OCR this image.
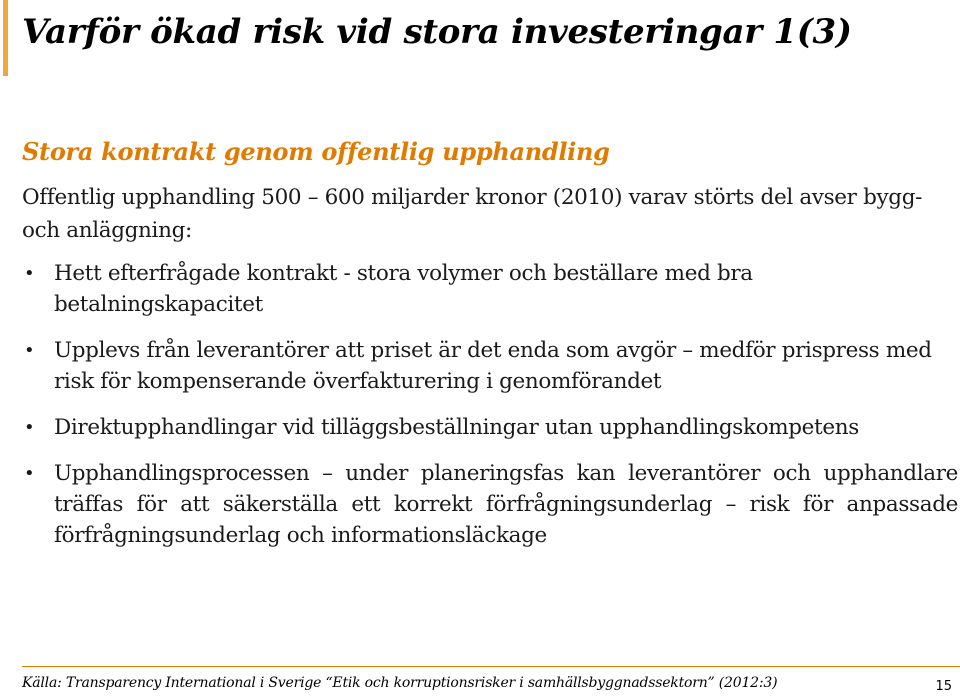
Varför ökad risk vid stora investeringar 1(3)
Stora kontrakt genom offentlig upphandling

Offentlig upphandling 500 – 600 miljarder kronor (2010) varav störts del avser bygg- och anläggning:

• Hett efterfrågade kontrakt - stora volymer och beställare med bra betalningskapacitet
• Upplevs från leverantörer att priset är det enda som avgör – medför prispress med risk för kompenserande överfakturering i genomförandet
• Direktupphandlingar vid tilläggsbeställningar utan upphandlingskompetens
• Upphandlingsprocessen – under planeringsfas kan leverantörer och upphandlare träffas för att säkerställa ett korrekt förfrågningsunderlag – risk för anpassade förfrågningsunderlag och informationsläckage

Källa: Transparency International i Sverige “Etik och korruptionsrisker i samhällsbyggnadssektorn” (2012:3)	15
